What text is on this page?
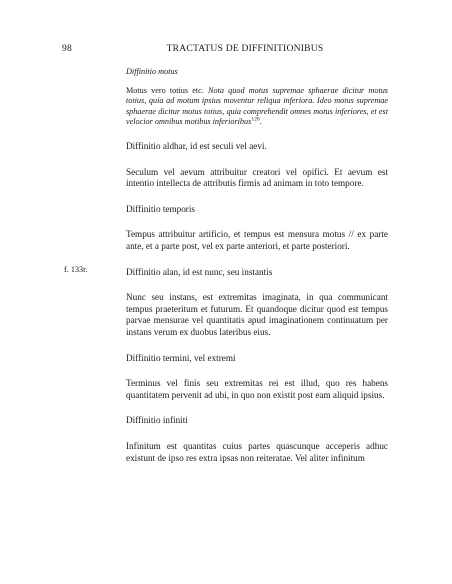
98	TRACTATUS DE DIFFINITIONIBUS
f. 133r.

Diffinitio motus

Motus vero totius etc. Nota quod motus supremae sphaerae dicitur motus totius, quia ad motum ipsius moventur reliqua inferiora. Ideo motus supremae sphaerae dicitur motus totius, quia comprehendit omnes motus inferiores, et est velocior omnibus motibus inferioribus$^{120}$.

Diffinitio aldhar, id est seculi vel aevi.

Seculum vel aevum attribuitur creatori vel opifici. Et aevum est intentio intellecta de attributis firmis ad animam in toto tempore.

Diffinitio temporis

Tempus attribuitur artificio, et tempus est mensura motus // ex parte ante, et a parte post, vel ex parte anteriori, et parte posteriori.

Diffinitio alan, id est nunc, seu instantis

Nunc seu instans, est extremitas imaginata, in qua communicant tempus praeteritum et futurum. Et quandoque dicitur quod est tempus parvae mensurae vel quantitatis apud imaginationem continuatum per instans verum ex duobus lateribus eius.

Diffinitio termini, vel extremi

Terminus vel finis seu extremitas rei est illud, quo res habens quantitatem pervenit ad ubi, in quo non existit post eam aliquid ipsius.

Diffinitio infiniti

Infinitum est quantitas cuius partes quascunque acceperis adhuc existunt de ipso res extra ipsas non reiteratae. Vel aliter infinitum
